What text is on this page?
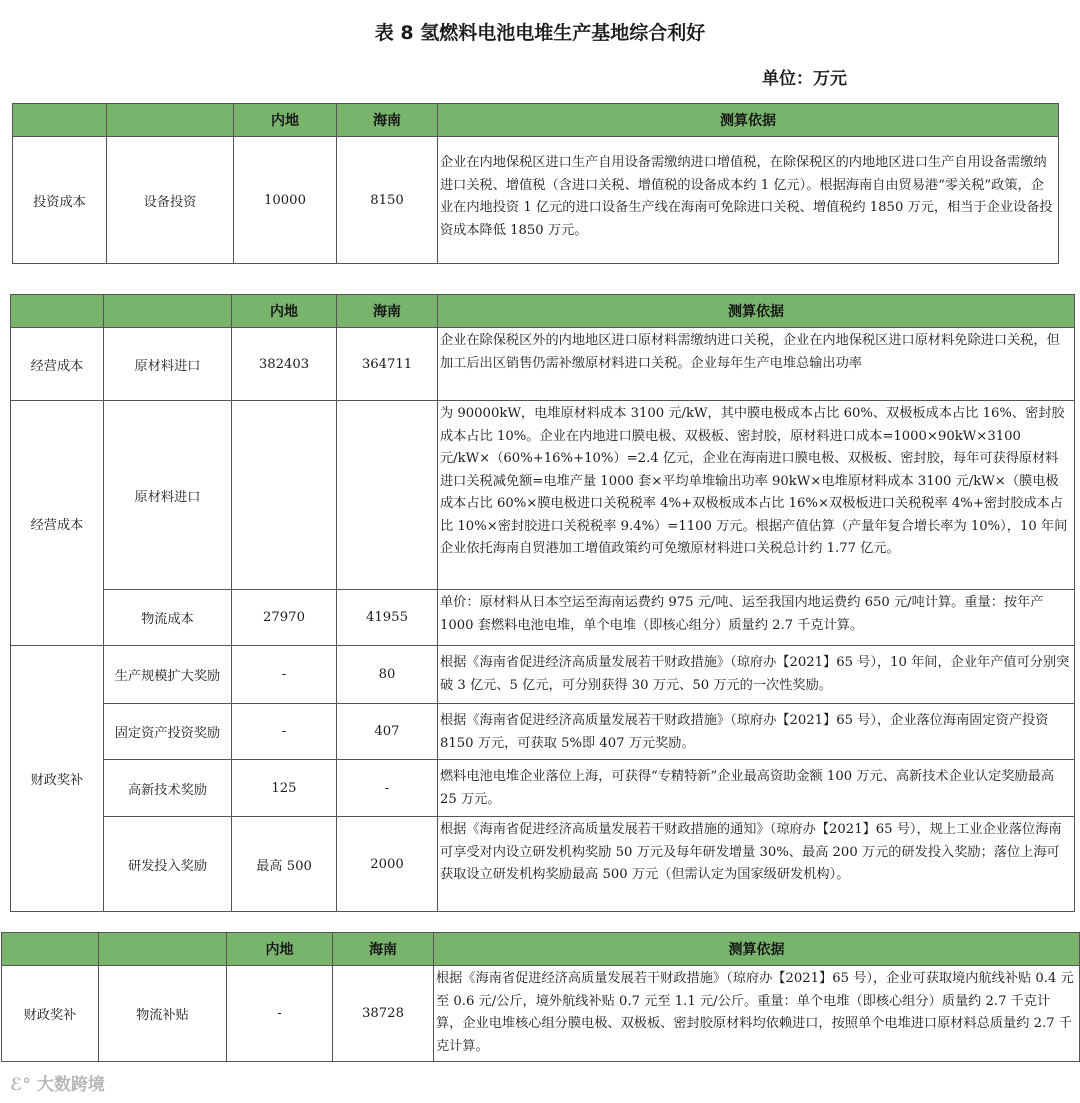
表 8 氢燃料电池电堆生产基地综合利好
单位：万元
		内地	海南	测算依据
投资成本	设备投资	10000	8150	企业在内地保税区进口生产自用设备需缴纳进口增值税，在除保税区的内地地区进口生产自用设备需缴纳进口关税、增值税（含进口关税、增值税的设备成本约 1 亿元）。根据海南自由贸易港“零关税”政策，企业在内地投资 1 亿元的进口设备生产线在海南可免除进口关税、增值税约 1850 万元，相当于企业设备投资成本降低 1850 万元。
		内地	海南	测算依据
经营成本	原材料进口	382403	364711	企业在除保税区外的内地地区进口原材料需缴纳进口关税，企业在内地保税区进口原材料免除进口关税，但加工后出区销售仍需补缴原材料进口关税。企业每年生产电堆总输出功率
经营成本	原材料进口			为 90000kW，电堆原材料成本 3100 元/kW，其中膜电极成本占比 60%、双极板成本占比 16%、密封胶成本占比 10%。企业在内地进口膜电极、双极板、密封胶，原材料进口成本=1000×90kW×3100 元/kW×（60%+16%+10%）=2.4 亿元，企业在海南进口膜电极、双极板、密封胶，每年可获得原材料进口关税减免额=电堆产量 1000 套×平均单堆输出功率 90kW×电堆原材料成本 3100 元/kW×（膜电极成本占比 60%×膜电极进口关税税率 4%+双极板成本占比 16%×双极板进口关税税率 4%+密封胶成本占比 10%×密封胶进口关税税率 9.4%）=1100 万元。根据产值估算（产量年复合增长率为 10%），10 年间企业依托海南自贸港加工增值政策约可免缴原材料进口关税总计约 1.77 亿元。
	物流成本	27970	41955	单价：原材料从日本空运至海南运费约 975 元/吨、运至我国内地运费约 650 元/吨计算。重量：按年产 1000 套燃料电池电堆，单个电堆（即核心组分）质量约 2.7 千克计算。
财政奖补	生产规模扩大奖励	-	80	根据《海南省促进经济高质量发展若干财政措施》（琼府办【2021】65 号），10 年间，企业年产值可分别突破 3 亿元、5 亿元，可分别获得 30 万元、50 万元的一次性奖励。
	固定资产投资奖励	-	407	根据《海南省促进经济高质量发展若干财政措施》（琼府办【2021】65 号），企业落位海南固定资产投资 8150 万元，可获取 5%即 407 万元奖励。
	高新技术奖励	125	-	燃料电池电堆企业落位上海，可获得“专精特新”企业最高资助金额 100 万元、高新技术企业认定奖励最高 25 万元。
	研发投入奖励	最高 500	2000	根据《海南省促进经济高质量发展若干财政措施的通知》（琼府办【2021】65 号），规上工业企业落位海南可享受对内设立研发机构奖励 50 万元及每年研发增量 30%、最高 200 万元的研发投入奖励；落位上海可获取设立研发机构奖励最高 500 万元（但需认定为国家级研发机构）。
		内地	海南	测算依据
财政奖补	物流补贴	-	38728	根据《海南省促进经济高质量发展若干财政措施》（琼府办【2021】65 号），企业可获取境内航线补贴 0.4 元至 0.6 元/公斤，境外航线补贴 0.7 元至 1.1 元/公斤。重量：单个电堆（即核心组分）质量约 2.7 千克计算，企业电堆核心组分膜电极、双极板、密封胶原材料均依赖进口，按照单个电堆进口原材料总质量约 2.7 千克计算。
ℰ° 大数跨境
